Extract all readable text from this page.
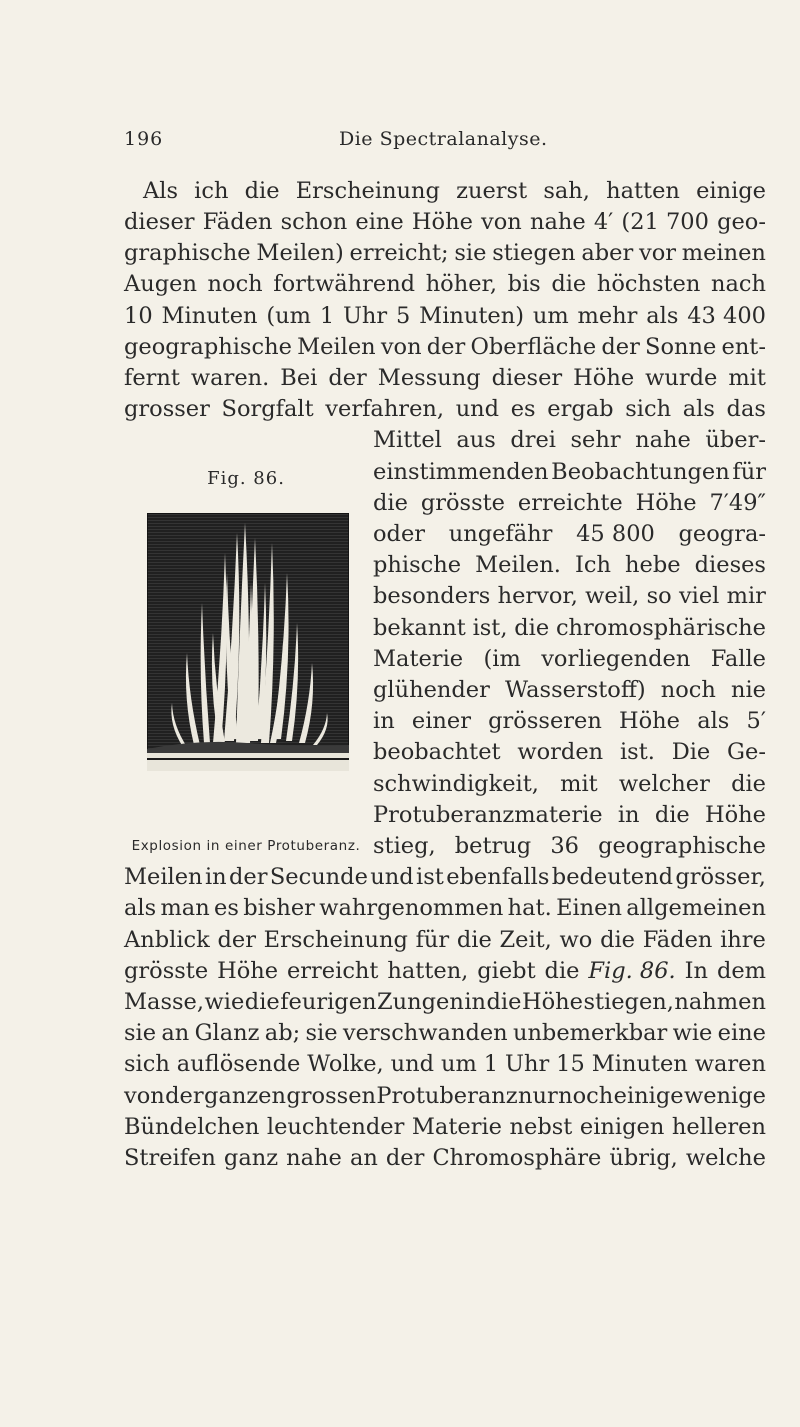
196	Die Spectralanalyse.
Als ich die Erscheinung zuerst sah, hatten einige
dieser Fäden schon eine Höhe von nahe 4′ (21 700 geo-
graphische Meilen) erreicht; sie stiegen aber vor meinen
Augen noch fortwährend höher, bis die höchsten nach
10 Minuten (um 1 Uhr 5 Minuten) um mehr als 43 400
geographische Meilen von der Oberfläche der Sonne ent-
fernt waren. Bei der Messung dieser Höhe wurde mit
grosser Sorgfalt verfahren, und es ergab sich als das
Mittel aus drei sehr nahe über-
einstimmenden Beobachtungen für
die grösste erreichte Höhe 7′49″
oder ungefähr 45 800 geogra-
phische Meilen. Ich hebe dieses
besonders hervor, weil, so viel mir
bekannt ist, die chromosphärische
Materie (im vorliegenden Falle
glühender Wasserstoff) noch nie
in einer grösseren Höhe als 5′
beobachtet worden ist. Die Ge-
schwindigkeit, mit welcher die
Protuberanzmaterie in die Höhe
stieg, betrug 36 geographische
Meilen in der Secunde und ist ebenfalls bedeutend grösser,
als man es bisher wahrgenommen hat. Einen allgemeinen
Anblick der Erscheinung für die Zeit, wo die Fäden ihre
grösste Höhe erreicht hatten, giebt die Fig. 86. In dem
Masse, wie die feurigen Zungen in die Höhe stiegen, nahmen
sie an Glanz ab; sie verschwanden unbemerkbar wie eine
sich auflösende Wolke, und um 1 Uhr 15 Minuten waren
von der ganzen grossen Protuberanz nur noch einige wenige
Bündelchen leuchtender Materie nebst einigen helleren
Streifen ganz nahe an der Chromosphäre übrig, welche
Fig. 86.
Explosion in einer Protuberanz.
